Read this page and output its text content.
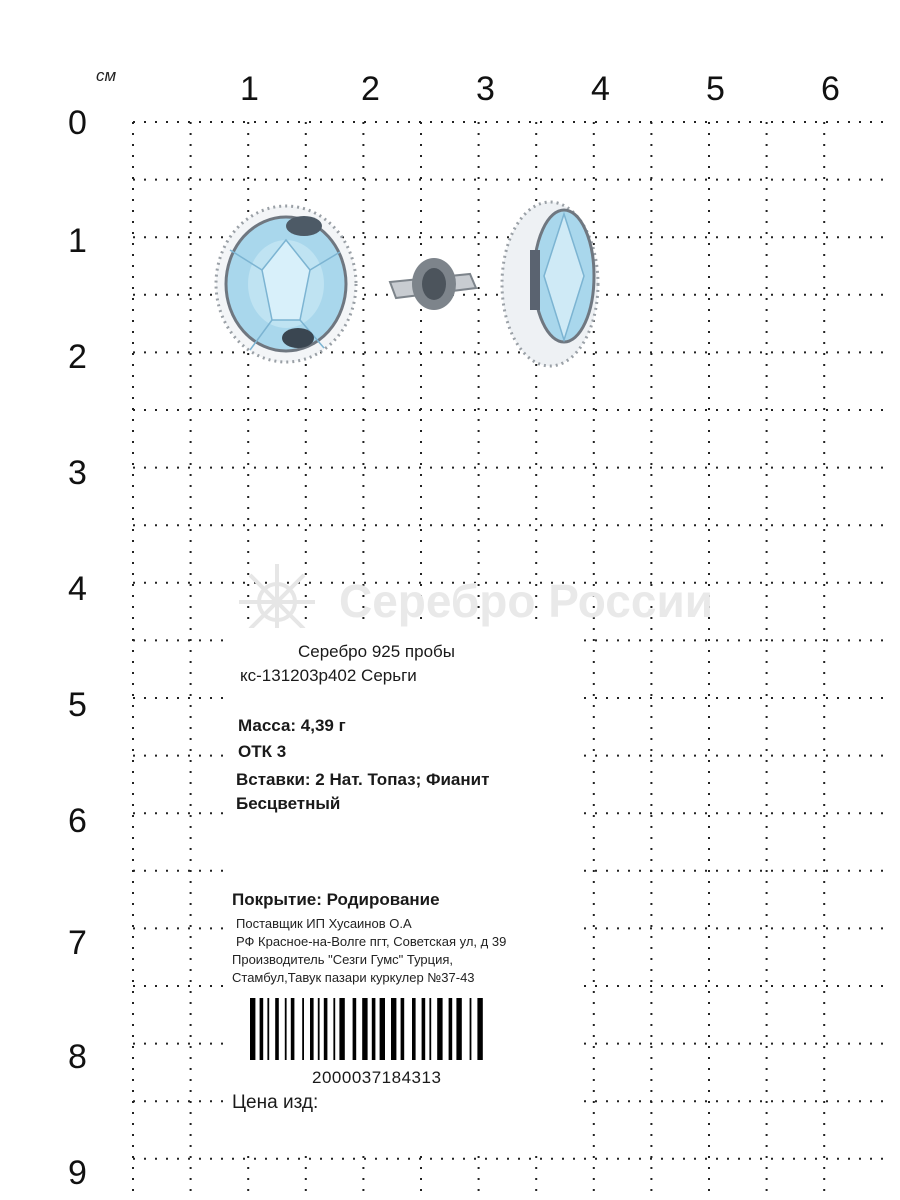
см	1	2	3	4	5	6
0
1
2
3
4
5
6
7
8
9
Серебро России
Серебро 925 пробы
кс-131203р402 Серьги
Масса: 4,39 г
ОТК 3
Вставки: 2 Нат. Топаз; Фианит
Бесцветный
Покрытие: Родирование
Поставщик ИП Хусаинов О.А
РФ Красное-на-Волге пгт, Советская ул, д 39
Производитель "Сезги Гумс" Турция,
Стамбул,Тавук пазари куркулер №37-43
2000037184313
Цена изд:
